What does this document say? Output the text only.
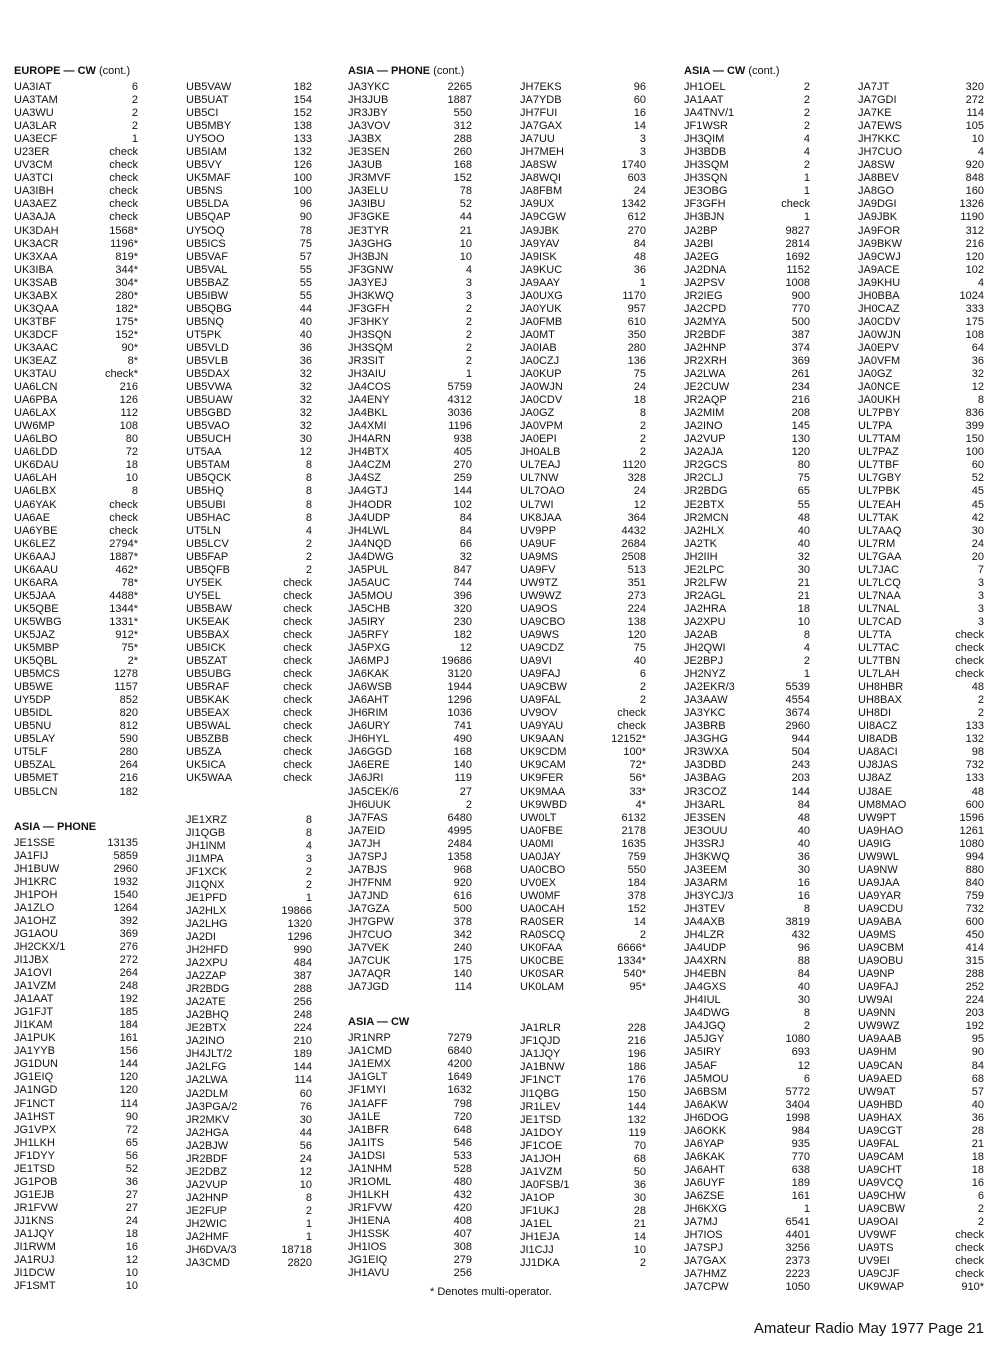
EUROPE — CW (cont.)
UA3IAT	6
UA3TAM	2
UA3WU	2
UA3LAR	2
UA3ECF	1
U23ER	check
UV3CM	check
UA3TCI	check
UA3IBH	check
UA3AEZ	check
UA3AJA	check
UK3DAH	1568*
UK3ACR	1196*
UK3XAA	819*
UK3IBA	344*
UK3SAB	304*
UK3ABX	280*
UK3QAA	182*
UK3TBF	175*
UK3DCF	152*
UK3AAC	90*
UK3EAZ	8*
UK3TAU	check*
UA6LCN	216
UA6PBA	126
UA6LAX	112
UW6MP	108
UA6LBO	80
UA6LDD	72
UK6DAU	18
UA6LAH	10
UA6LBX	8
UA6YAK	check
UA6AE	check
UA6YBE	check
UK6LEZ	2794*
UK6AAJ	1887*
UK6AAU	462*
UK6ARA	78*
UK5JAA	4488*
UK5QBE	1344*
UK5WBG	1331*
UK5JAZ	912*
UK5MBP	75*
UK5QBL	2*
UB5MCS	1278
UB5WE	1157
UY5DP	852
UB5IDL	820
UB5NU	812
UB5LAY	590
UT5LF	280
UB5ZAL	264
UB5MET	216
UB5LCN	182
ASIA — PHONE
JE1SSE	13135
JA1FIJ	5859
JH1BUW	2960
JH1KRC	1932
JH1POH	1540
JA1ZLO	1264
JA1OHZ	392
JG1AOU	369
JH2CKX/1	276
JI1JBX	272
JA1OVI	264
JA1VZM	248
JA1AAT	192
JG1FJT	185
JI1KAM	184
JA1PUK	161
JA1YYB	156
JG1DUN	144
JG1EIQ	120
JA1NGD	120
JF1NCT	114
JA1HST	90
JG1VPX	72
JH1LKH	65
JF1DYY	56
JE1TSD	52
JG1POB	36
JG1EJB	27
JR1FVW	27
JJ1KNS	24
JA1JQY	18
JI1RWM	16
JA1RUJ	12
JI1DCW	10
JF1SMT	10
UB5VAW	182
UB5UAT	154
UB5CI	152
UB5MBY	138
UY5OO	133
UB5IAM	132
UB5VY	126
UK5MAF	100
UB5NS	100
UB5LDA	96
UB5QAP	90
UY5OQ	78
UB5ICS	75
UB5VAF	57
UB5VAL	55
UB5BAZ	55
UB5IBW	55
UB5QBG	44
UB5NQ	40
UT5PK	40
UB5VLD	36
UB5VLB	36
UB5DAX	32
UB5VWA	32
UB5UAW	32
UB5GBD	32
UB5VAO	32
UB5UCH	30
UT5AA	12
UB5TAM	8
UB5QCK	8
UB5HQ	8
UB5UBI	8
UB5HAC	8
UT5LN	4
UB5LCV	2
UB5FAP	2
UB5QFB	2
UY5EK	check
UY5EL	check
UB5BAW	check
UK5EAK	check
UB5BAX	check
UB5ICK	check
UB5ZAT	check
UB5UBG	check
UB5RAF	check
UB5KAK	check
UB5EAX	check
UB5WAL	check
UB5ZBB	check
UB5ZA	check
UK5ICA	check
UK5WAA	check
JE1XRZ	8
JI1QGB	8
JH1INM	4
JI1MPA	3
JF1XCK	2
JI1QNX	2
JE1PFD	1
JA2HLX	19866
JA2LHG	1320
JA2DI	1296
JH2HFD	990
JA2XPU	484
JA2ZAP	387
JR2BDG	288
JA2ATE	256
JA2BHQ	248
JE2BTX	224
JA2INO	210
JH4JLT/2	189
JA2LFG	144
JA2LWA	114
JA2DLM	60
JA3PGA/2	76
JR2MKV	30
JA2HGA	44
JA2BJW	56
JR2BDF	24
JE2DBZ	12
JA2VUP	10
JA2HNP	8
JE2FUP	2
JH2WIC	1
JA2HMF	1
JH6DVA/3	18718
JA3CMD	2820
ASIA — PHONE (cont.)
JA3YKC	2265
JH3JUB	1887
JR3JBY	550
JA3VOV	312
JA3BX	288
JE3SEN	260
JA3UB	168
JR3MVF	152
JA3ELU	78
JA3IBU	52
JF3GKE	44
JE3TYR	21
JA3GHG	10
JH3BJN	10
JF3GNW	4
JA3YEJ	3
JH3KWQ	3
JF3GFH	2
JF3HKY	2
JH3SQN	2
JH3SQM	2
JR3SIT	2
JH3AIU	1
JA4COS	5759
JA4ENY	4312
JA4BKL	3036
JA4XMI	1196
JH4ARN	938
JH4BTX	405
JA4CZM	270
JA4SZ	259
JA4GTJ	144
JH4ODR	102
JA4UDP	84
JH4LWL	84
JA4NQD	66
JA4DWG	32
JA5PUL	847
JA5AUC	744
JA5MOU	396
JA5CHB	320
JA5IRY	230
JA5RFY	182
JA5PXG	12
JA6MPJ	19686
JA6KAK	3120
JA6WSB	1944
JA6AHT	1296
JH6RIM	1036
JA6URY	741
JH6HYL	490
JA6GGD	168
JA6ERE	140
JA6JRI	119
JA5CEK/6	27
JH6UUK	2
JA7FAS	6480
JA7EID	4995
JA7JH	2484
JA7SPJ	1358
JA7BJS	968
JH7FNM	920
JA7JND	616
JA7GZA	500
JH7GPW	378
JH7CUO	342
JA7VEK	240
JA7CUK	175
JA7AQR	140
JA7JGD	114
ASIA — CW
JR1NRP	7279
JA1CMD	6840
JA1EMX	4200
JA1GLT	1649
JF1MYI	1632
JA1AFF	798
JA1LE	720
JA1BFR	648
JA1ITS	546
JA1DSI	533
JA1NHM	528
JR1OML	480
JH1LKH	432
JR1FVW	420
JH1ENA	408
JH1SSK	407
JH1IOS	308
JG1EIQ	279
JH1AVU	256
JH7EKS	96
JA7YDB	60
JH7FUI	16
JA7GAX	14
JA7UU	3
JH7MEH	3
JA8SW	1740
JA8WQI	603
JA8FBM	24
JA9UX	1342
JA9CGW	612
JA9JBK	270
JA9YAV	84
JA9ISK	48
JA9KUC	36
JA9AAY	1
JA0UXG	1170
JA0YUK	957
JA0FMB	610
JA0MT	350
JA0IAB	280
JA0CZJ	136
JA0KUP	75
JA0WJN	24
JA0CDV	18
JA0GZ	8
JA0VPM	2
JA0EPI	2
JH0ALB	2
UL7EAJ	1120
UL7NW	328
UL7OAO	24
UL7WI	12
UK8JAA	364
UV9PP	4432
UA9UF	2684
UA9MS	2508
UA9FV	513
UW9TZ	351
UW9WZ	273
UA9OS	224
UA9CBO	138
UA9WS	120
UA9CDZ	75
UA9VI	40
UA9FAJ	6
UA9CBW	2
UA9FAL	2
UV9OV	check
UA9YAU	check
UK9AAN	12152*
UK9CDM	100*
UK9CAM	72*
UK9FER	56*
UK9MAA	33*
UK9WBD	4*
UW0LT	6132
UA0FBE	2178
UA0MI	1635
UA0JAY	759
UA0CBO	550
UV0EX	184
UW0MF	378
UA0CAH	152
RA0SER	14
RA0SCQ	2
UK0FAA	6666*
UK0CBE	1334*
UK0SAR	540*
UK0LAM	95*
JA1RLR	228
JF1QJD	216
JA1JQY	196
JA1BNW	186
JF1NCT	176
JI1QBG	150
JR1LEV	144
JE1TSD	132
JA1DOY	119
JF1COE	70
JA1JOH	68
JA1VZM	50
JA0FSB/1	36
JA1OP	30
JF1UKJ	28
JA1EL	21
JH1EJA	14
JI1CJJ	10
JJ1DKA	2
ASIA — CW (cont.)
JH1OEL	2
JA1AAT	2
JA4TNV/1	2
JF1WSR	2
JH3QIM	4
JH3BDB	4
JH3SQM	2
JH3SQN	1
JE3OBG	1
JF3GFH	check
JH3BJN	1
JA2BP	9827
JA2BI	2814
JA2EG	1692
JA2DNA	1152
JA2PSV	1008
JR2IEG	900
JA2CPD	770
JA2MYA	500
JR2BDF	387
JA2HNP	374
JR2XRH	369
JA2LWA	261
JE2CUW	234
JR2AQP	216
JA2MIM	208
JA2INO	145
JA2VUP	130
JA2AJA	120
JR2GCS	80
JR2CLJ	75
JR2BDG	65
JE2BTX	55
JR2MCN	48
JA2HLX	40
JA2TK	40
JH2IIH	32
JE2LPC	30
JR2LFW	21
JR2AGL	21
JA2HRA	18
JA2XPU	10
JA2AB	8
JH2QWI	4
JE2BPJ	2
JH2NYZ	1
JA2EKR/3	5539
JA3AAW	4554
JA3YKC	3674
JA3BRB	2960
JA3GHG	944
JR3WXA	504
JA3DBD	243
JA3BAG	203
JR3COZ	144
JH3ARL	84
JE3SEN	48
JE3OUU	40
JH3SRJ	40
JH3KWQ	36
JA3EEM	30
JA3ARM	16
JH3YCJ/3	16
JH3TEV	8
JA4AXB	3819
JH4LZR	432
JA4UDP	96
JA4XRN	88
JH4EBN	84
JA4GXS	40
JH4IUL	30
JA4DWG	8
JA4JGQ	2
JA5JGY	1080
JA5IRY	693
JA5AF	12
JA5MOU	6
JA6BSM	5772
JA6AKW	3404
JH6DOG	1998
JA6OKK	984
JA6YAP	935
JA6KAK	770
JA6AHT	638
JA6UYF	189
JA6ZSE	161
JH6KXG	1
JA7MJ	6541
JH7IOS	4401
JA7SPJ	3256
JA7GAX	2373
JA7HMZ	2223
JA7CPW	1050
JA7JT	320
JA7GDI	272
JA7KE	114
JA7EWS	105
JH7KKC	10
JH7CUO	4
JA8SW	920
JA8BEV	848
JA8GO	160
JA9DGI	1326
JA9JBK	1190
JA9FOR	312
JA9BKW	216
JA9CWJ	120
JA9ACE	102
JA9KHU	4
JH0BBA	1024
JH0CAZ	333
JA0CDV	175
JA0WJN	108
JA0EPV	64
JA0VFM	36
JA0GZ	32
JA0NCE	12
JA0UKH	8
UL7PBY	836
UL7PA	399
UL7TAM	150
UL7PAZ	100
UL7TBF	60
UL7GBY	52
UL7PBK	45
UL7EAH	45
UL7TAK	42
UL7AAQ	30
UL7RM	24
UL7GAA	20
UL7JAC	7
UL7LCQ	3
UL7NAA	3
UL7NAL	3
UL7CAD	3
UL7TA	check
UL7TAC	check
UL7TBN	check
UL7LAH	check
UH8HBR	48
UH8BAX	2
UH8DI	2
UI8ACZ	133
UI8ADB	132
UA8ACI	98
UJ8JAS	732
UJ8AZ	133
UJ8AE	48
UM8MAO	600
UW9PT	1596
UA9HAO	1261
UA9IG	1080
UW9WL	994
UA9NW	880
UA9JAA	840
UA9YAR	759
UA9CDU	732
UA9ABA	600
UA9MS	450
UA9CBM	414
UA9OBU	315
UA9NP	288
UA9FAJ	252
UW9AI	224
UA9NN	203
UW9WZ	192
UA9AAB	95
UA9HM	90
UA9CAN	84
UA9AED	68
UW9AT	57
UA9HBD	40
UA9HAX	36
UA9CGT	28
UA9FAL	21
UA9CAM	18
UA9CHT	18
UA9VCQ	16
UA9CHW	6
UA9CBW	2
UA9OAI	2
UV9WF	check
UA9TS	check
UV9EI	check
UA9CJF	check
UK9WAP	910*
* Denotes multi-operator.
Amateur Radio May 1977 Page 21
